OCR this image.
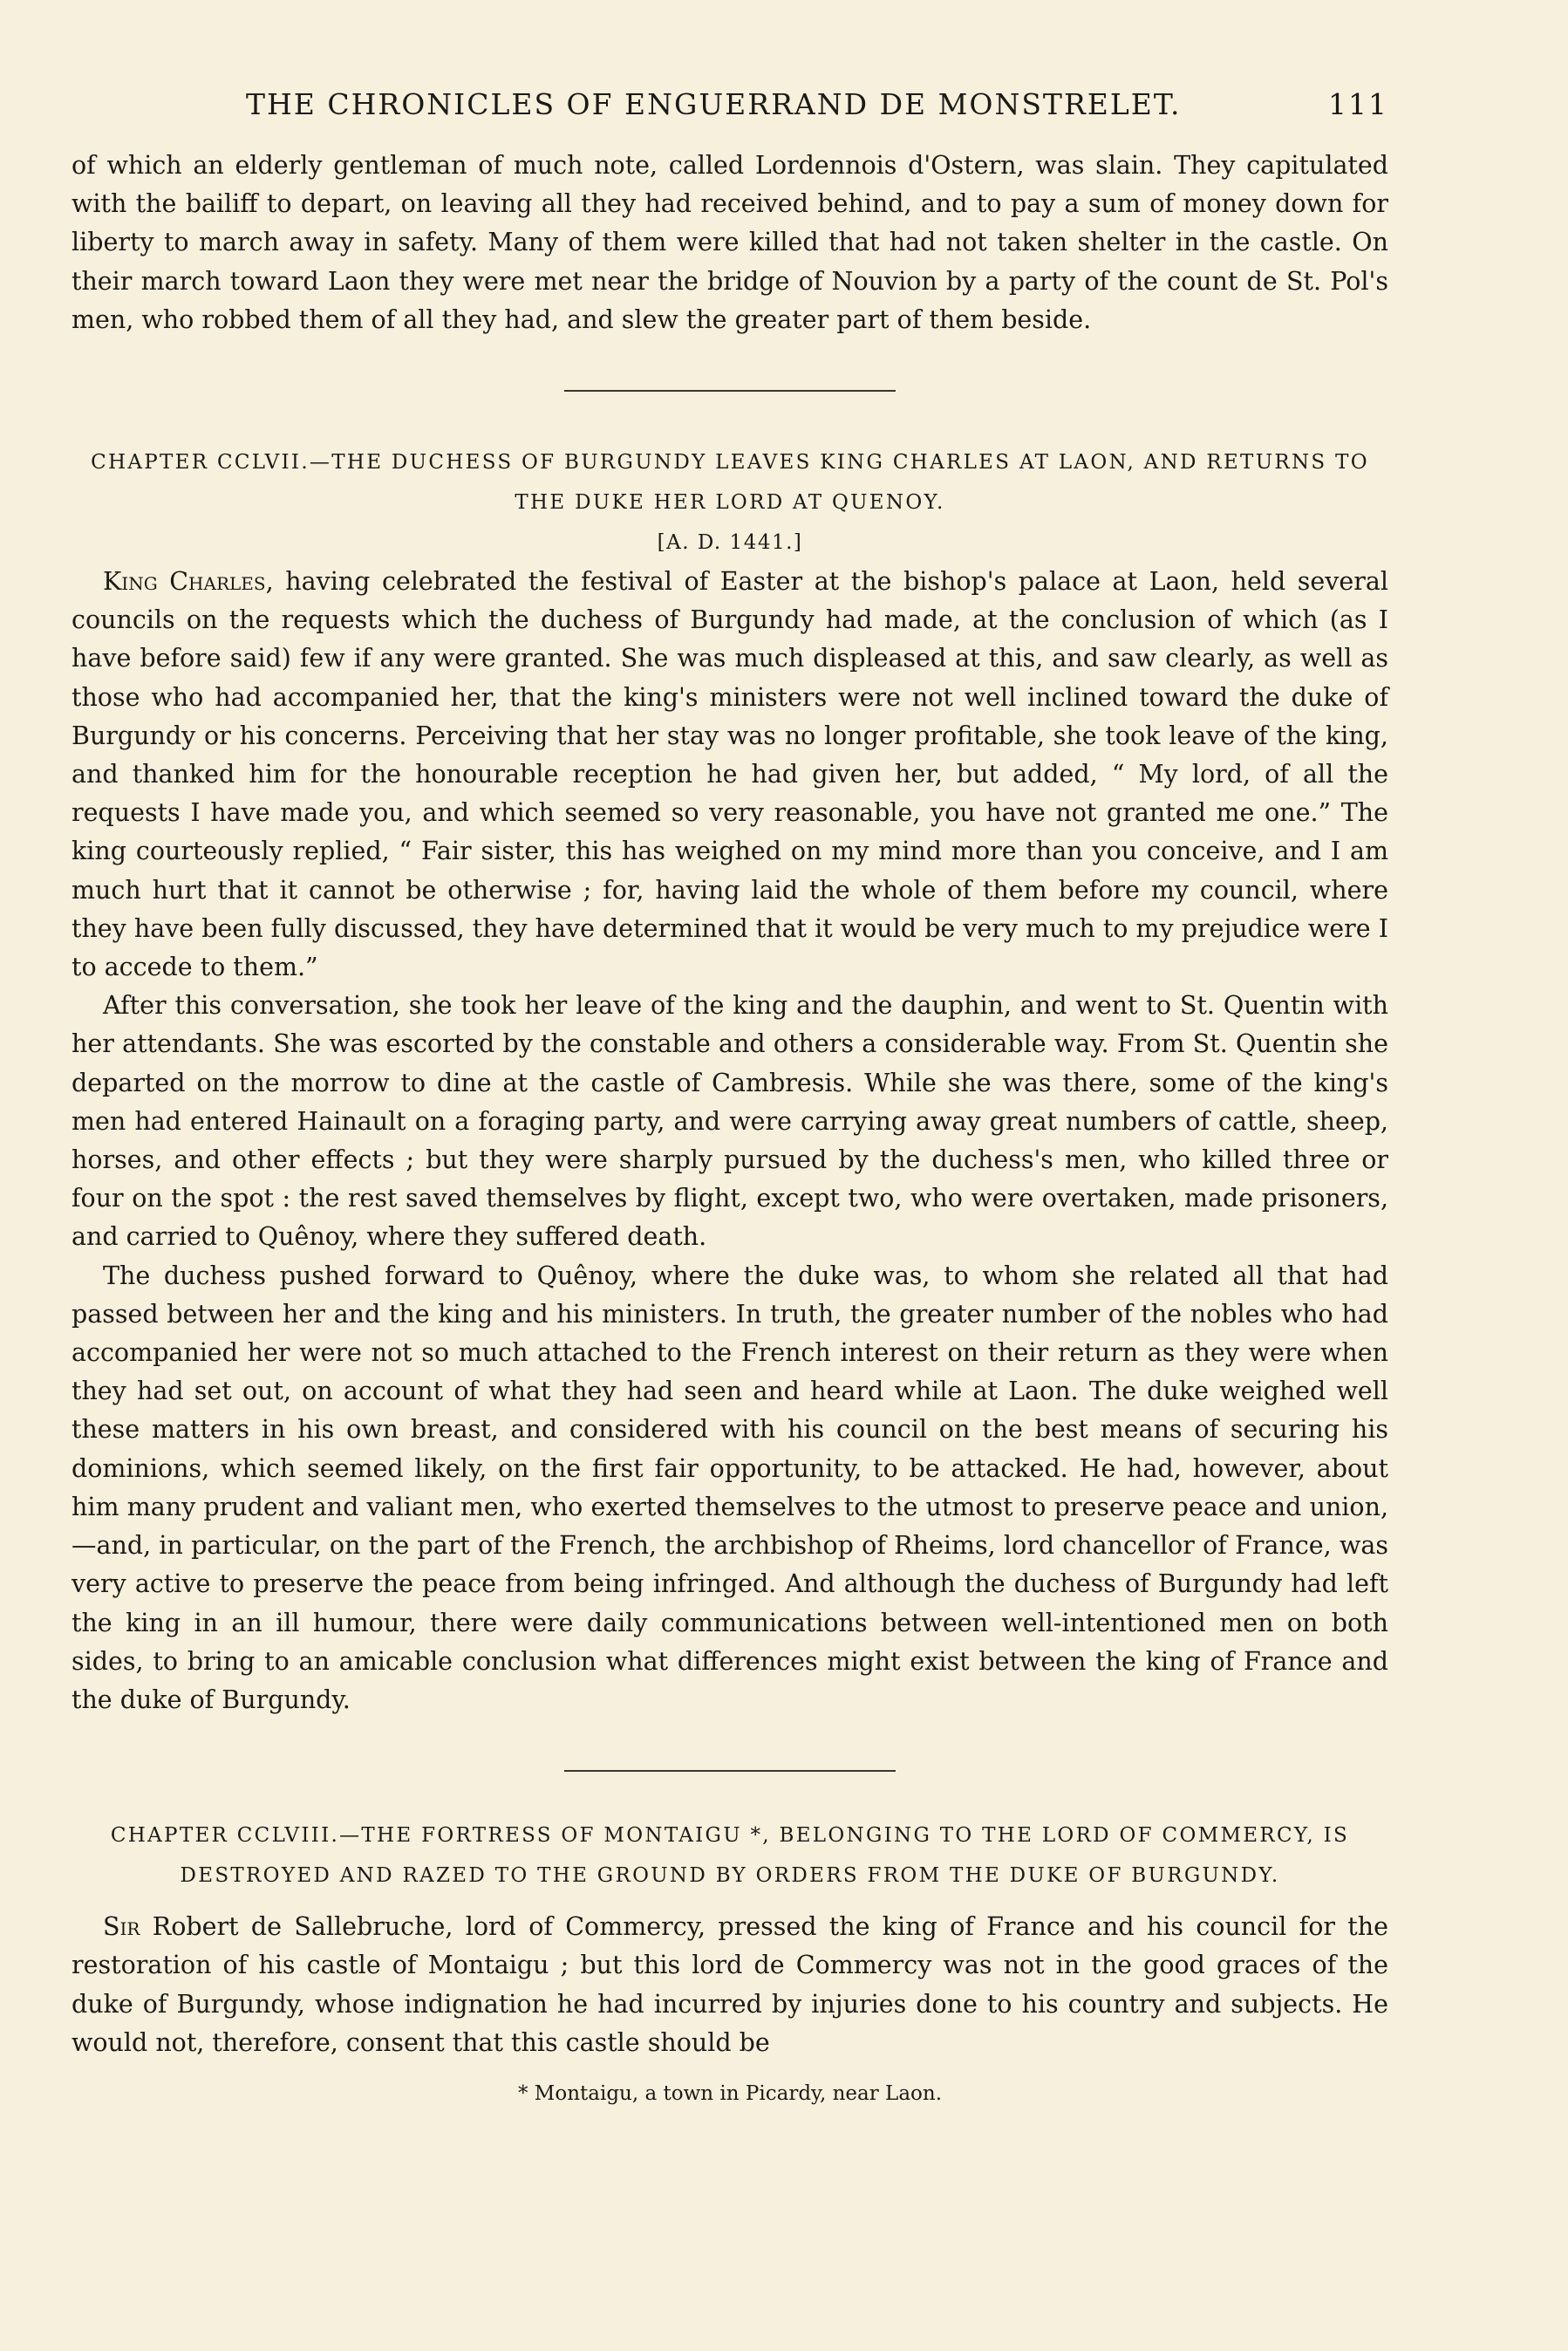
THE CHRONICLES OF ENGUERRAND DE MONSTRELET.	111

of which an elderly gentleman of much note, called Lordennois d'Ostern, was slain. They capitulated with the bailiff to depart, on leaving all they had received behind, and to pay a sum of money down for liberty to march away in safety. Many of them were killed that had not taken shelter in the castle. On their march toward Laon they were met near the bridge of Nouvion by a party of the count de St. Pol's men, who robbed them of all they had, and slew the greater part of them beside.

CHAPTER CCLVII.—THE DUCHESS OF BURGUNDY LEAVES KING CHARLES AT LAON, AND RETURNS TO THE DUKE HER LORD AT QUENOY.
[A. D. 1441.]

King Charles, having celebrated the festival of Easter at the bishop's palace at Laon, held several councils on the requests which the duchess of Burgundy had made, at the conclusion of which (as I have before said) few if any were granted. She was much displeased at this, and saw clearly, as well as those who had accompanied her, that the king's ministers were not well inclined toward the duke of Burgundy or his concerns. Perceiving that her stay was no longer profitable, she took leave of the king, and thanked him for the honourable reception he had given her, but added, “ My lord, of all the requests I have made you, and which seemed so very reasonable, you have not granted me one.” The king courteously replied, “ Fair sister, this has weighed on my mind more than you conceive, and I am much hurt that it cannot be otherwise ; for, having laid the whole of them before my council, where they have been fully discussed, they have determined that it would be very much to my prejudice were I to accede to them.”

After this conversation, she took her leave of the king and the dauphin, and went to St. Quentin with her attendants. She was escorted by the constable and others a considerable way. From St. Quentin she departed on the morrow to dine at the castle of Cambresis. While she was there, some of the king's men had entered Hainault on a foraging party, and were carrying away great numbers of cattle, sheep, horses, and other effects ; but they were sharply pursued by the duchess's men, who killed three or four on the spot : the rest saved themselves by flight, except two, who were overtaken, made prisoners, and carried to Quênoy, where they suffered death.

The duchess pushed forward to Quênoy, where the duke was, to whom she related all that had passed between her and the king and his ministers. In truth, the greater number of the nobles who had accompanied her were not so much attached to the French interest on their return as they were when they had set out, on account of what they had seen and heard while at Laon. The duke weighed well these matters in his own breast, and considered with his council on the best means of securing his dominions, which seemed likely, on the first fair opportunity, to be attacked. He had, however, about him many prudent and valiant men, who exerted themselves to the utmost to preserve peace and union,—and, in particular, on the part of the French, the archbishop of Rheims, lord chancellor of France, was very active to preserve the peace from being infringed. And although the duchess of Burgundy had left the king in an ill humour, there were daily communications between well-intentioned men on both sides, to bring to an amicable conclusion what differences might exist between the king of France and the duke of Burgundy.

CHAPTER CCLVIII.—THE FORTRESS OF MONTAIGU *, BELONGING TO THE LORD OF COMMERCY, IS DESTROYED AND RAZED TO THE GROUND BY ORDERS FROM THE DUKE OF BURGUNDY.

Sir Robert de Sallebruche, lord of Commercy, pressed the king of France and his council for the restoration of his castle of Montaigu ; but this lord de Commercy was not in the good graces of the duke of Burgundy, whose indignation he had incurred by injuries done to his country and subjects. He would not, therefore, consent that this castle should be

* Montaigu, a town in Picardy, near Laon.
